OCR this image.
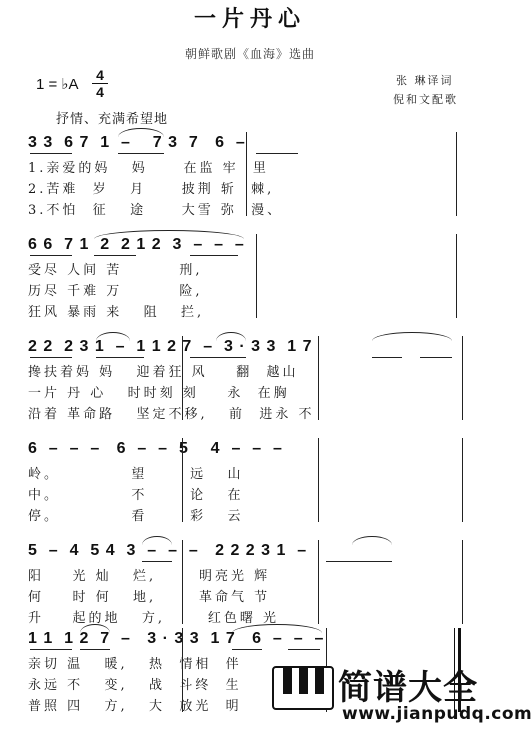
一片丹心
朝鲜歌剧《血海》选曲
张 琳译词
倪和文配歌
1 = ♭A
4
4
抒情、充满希望地
3 3  6 7  1  –    7 3  7   6  –
1.亲爱的妈   妈     在监 牢  里
2.苦难  岁   月     披荆 斩  棘,
3.不怕  征   途     大雪 弥  漫、
6 6  7 1  2  2 1 2  3  –  –  –
受尽 人间 苦        刑,
历尽 千难 万        险,
狂风 暴雨 来   阻   拦,
2 2  2 3 1  –  1 1 2 7  –  3 · 3 3  1 7
搀扶着妈 妈   迎着狂 风    翻  越山
一片 丹 心   时时刻 刻    永  在胸
沿着 革命路   坚定不移,   前  进永 不
6  –  –  –   6  –  –  5    4  –  –  –
岭。          望      远   山
中。          不      论   在
停。          看      彩   云
5  –  4  5 4  3  –  –  –   2 2 2 3 1  –
阳    光 灿   烂,      明亮光 辉
何    时 何   地,      革命气 节
升    起的地   方,      红色曙 光
1 1  1 2  7  –   3 · 3 3  1 7   6  –  –  –
亲切 温   暖,   热  情相  伴
永远 不   变,   战  斗终  生
普照 四   方,   大  放光  明	简谱大全
www.jianpudq.com
